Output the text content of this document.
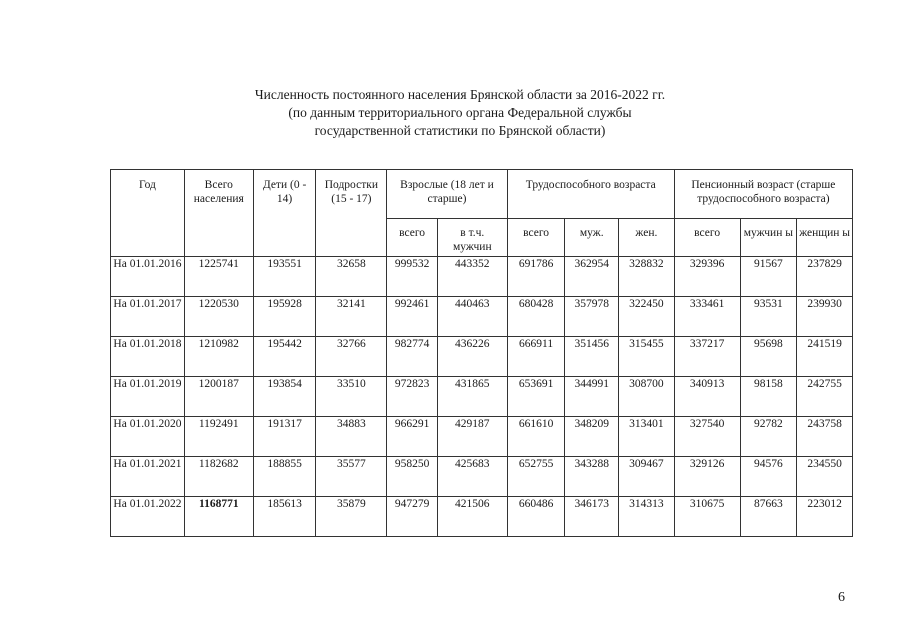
Численность постоянного населения Брянской области за 2016-2022 гг.
(по данным территориального органа Федеральной службы
государственной статистики по Брянской области)
Год	Всего населения	Дети (0 - 14)	Подростки (15 - 17)	Взрослые (18 лет и старше)		Трудоспособного возраста			Пенсионный возраст (старше трудоспособного возраста)		
				всего	в т.ч. мужчин	всего	муж.	жен.	всего	мужчин ы	женщин ы
На 01.01.2016	1225741	193551	32658	999532	443352	691786	362954	328832	329396	91567	237829
На 01.01.2017	1220530	195928	32141	992461	440463	680428	357978	322450	333461	93531	239930
На 01.01.2018	1210982	195442	32766	982774	436226	666911	351456	315455	337217	95698	241519
На 01.01.2019	1200187	193854	33510	972823	431865	653691	344991	308700	340913	98158	242755
На 01.01.2020	1192491	191317	34883	966291	429187	661610	348209	313401	327540	92782	243758
На 01.01.2021	1182682	188855	35577	958250	425683	652755	343288	309467	329126	94576	234550
На 01.01.2022	1168771	185613	35879	947279	421506	660486	346173	314313	310675	87663	223012
6
